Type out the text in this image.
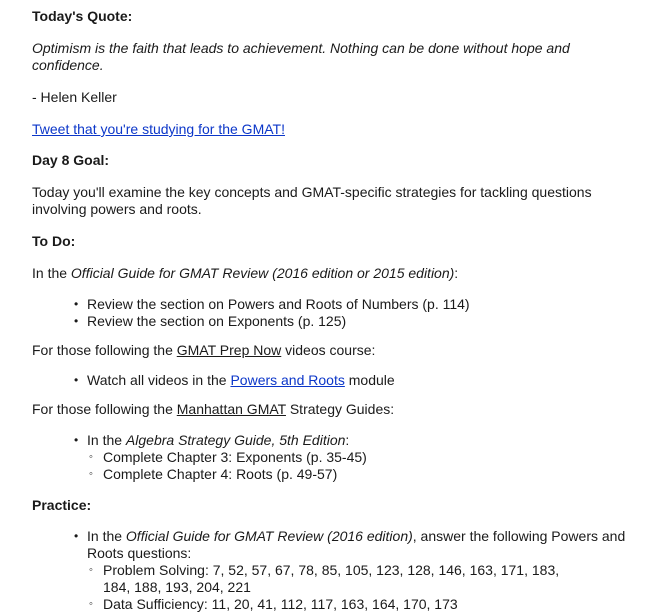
Today's Quote:

Optimism is the faith that leads to achievement. Nothing can be done without hope and confidence.

- Helen Keller

Tweet that you're studying for the GMAT!

Day 8 Goal:

Today you'll examine the key concepts and GMAT-specific strategies for tackling questions involving powers and roots.

To Do:

In the Official Guide for GMAT Review (2016 edition or 2015 edition):

• Review the section on Powers and Roots of Numbers (p. 114)
• Review the section on Exponents (p. 125)

For those following the GMAT Prep Now videos course:

• Watch all videos in the Powers and Roots module

For those following the Manhattan GMAT Strategy Guides:

• In the Algebra Strategy Guide, 5th Edition:
◦ Complete Chapter 3: Exponents (p. 35-45)
◦ Complete Chapter 4: Roots (p. 49-57)

Practice:

• In the Official Guide for GMAT Review (2016 edition), answer the following Powers and Roots questions:
◦ Problem Solving: 7, 52, 57, 67, 78, 85, 105, 123, 128, 146, 163, 171, 183, 184, 188, 193, 204, 221
◦ Data Sufficiency: 11, 20, 41, 112, 117, 163, 164, 170, 173
